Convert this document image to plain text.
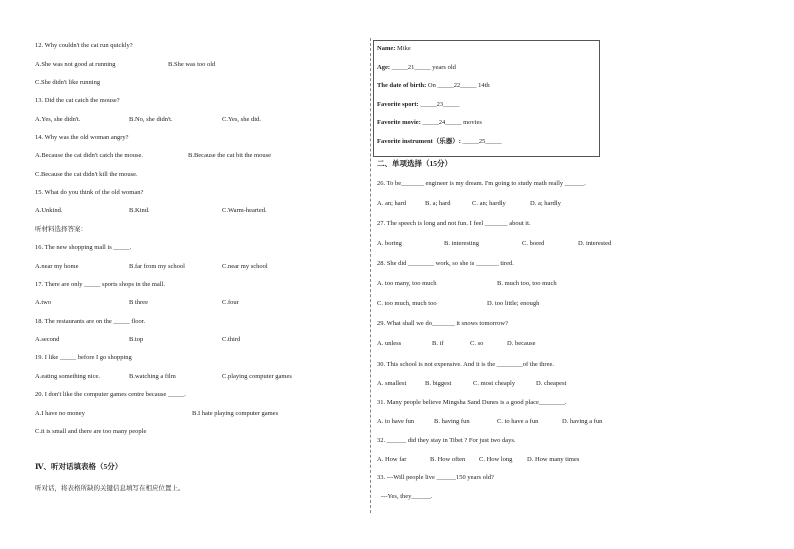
12. Why couldn't the cat run quickly?
A.She was not good at running	B.She was too old
C.She didn't like running
13. Did the cat catch the mouse?
A.Yes, she didn't.	B.No, she didn't.	C.Yes, she did.
14. Why was the old woman angry?
A.Because the cat didn't catch the mouse.	B.Because the cat bit the mouse
C.Because the cat didn't kill the mouse.
15. What do you think of the old woman?
A.Unkind.	B.Kind.	C.Warm-hearted.
听材料选择答案：
16. The new shopping mall is _____.
A.near my home	B.far from my school	C.near my school
17. There are only _____ sports shops in the mall.
A.two	B three	C.four
18. The restaurants are on the _____ floor.
A.second	B.top	C.third
19. I like _____ before I go shopping
A.eating something nice.	B.watching a film	C.playing computer games
20. I don't like the computer games centre because _____.
A.I have no money	B.I hate playing computer games
C.it is small and there are too many people
Ⅳ、听对话填表格（5分）
听对话，将表格所缺的关键信息填写在相应位置上。
Name: Mike
Age: _____21_____ years old
The date of birth: On _____22_____ 14th
Favorite sport: _____23_____
Favorite movie: _____24_____ movies
Favorite instrument（乐器）: _____25_____
二、单项选择（15分）
26. To be_______ engineer is my dream. I'm going to study math really ______.
A. an; hard	B. a; hard	C. an; hardly	D. a; hardly
27. The speech is long and not fun. I feel _______ about it.
A. boring	B. interesting	C. bored	D. interested
28. She did ________ work, so she is _______ tired.
A. too many, too much	B. much too, too much
C. too much, much too	D. too little; enough
29. What shall we do_______ it snows tomorrow?
A. unless	B. if	C. so	D. because
30. This school is not expensive. And it is the ________of the three.
A. smallest	B. biggest	C. most cheaply	D. cheapest
31. Many people believe Mingsha Sand Dunes is a good place________.
A. to have fun	B. having fun	C. to have a fun	D. having a fun
32. ______ did they stay in Tibet ? For just two days.
A. How far	B. How often C. How long D. How many times
33. ---Will people live ______150 years old?
---Yes, they______.
